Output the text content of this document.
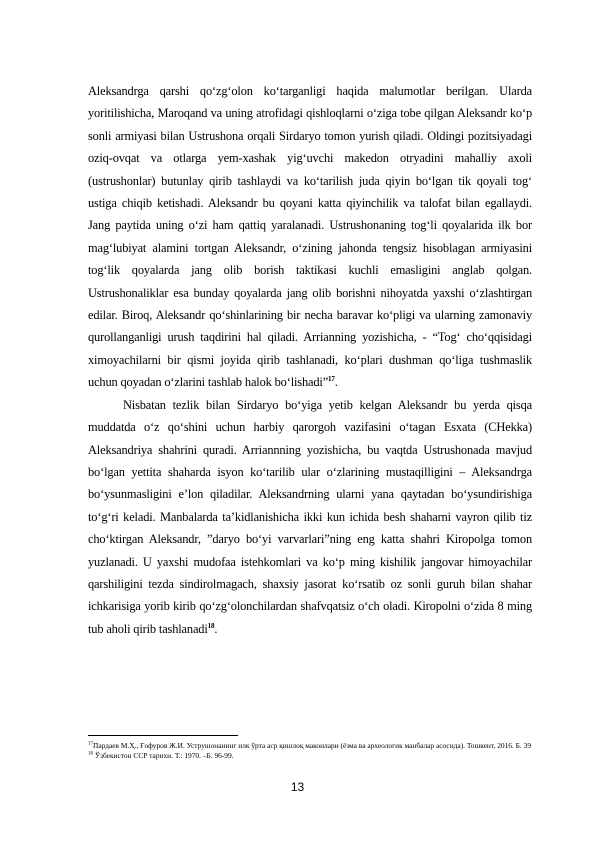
Aleksandrga qarshi qo‘zg‘olon ko‘targanligi haqida malumotlar berilgan. Ularda yoritilishicha, Maroqand va uning atrofidagi qishloqlarni o‘ziga tobe qilgan Aleksandr ko‘p sonli armiyasi bilan Ustrushona orqali Sirdaryo tomon yurish qiladi. Oldingi pozitsiyadagi oziq-ovqat va otlarga yem-xashak yig‘uvchi makedon otryadini mahalliy axoli (ustrushonlar) butunlay qirib tashlaydi va ko‘tarilish juda qiyin bo‘lgan tik qoyali tog‘ ustiga chiqib ketishadi. Aleksandr bu qoyani katta qiyinchilik va talofat bilan egallaydi. Jang paytida uning o‘zi ham qattiq yaralanadi. Ustrushonaning tog‘li qoyalarida ilk bor mag‘lubiyat alamini tortgan Aleksandr, o‘zining jahonda tengsiz hisoblagan armiyasini tog‘lik qoyalarda jang olib borish taktikasi kuchli emasligini anglab qolgan. Ustrushonaliklar esa bunday qoyalarda jang olib borishni nihoyatda yaxshi o‘zlashtirgan edilar. Biroq, Aleksandr qo‘shinlarining bir necha baravar ko‘pligi va ularning zamonaviy qurollanganligi urush taqdirini hal qiladi. Arrianning yozishicha, - “Tog‘ cho‘qqisidagi ximoyachilarni bir qismi joyida qirib tashlanadi, ko‘plari dushman qo‘liga tushmaslik uchun qoyadan o‘zlarini tashlab halok bo‘lishadi”$^{17}$.

Nisbatan tezlik bilan Sirdaryo bo‘yiga yetib kelgan Aleksandr bu yerda qisqa muddatda o‘z qo‘shini uchun harbiy qarorgoh vazifasini o‘tagan Esxata (CHekka) Aleksandriya shahrini quradi. Arriannning yozishicha, bu vaqtda Ustrushonada mavjud bo‘lgan yettita shaharda isyon ko‘tarilib ular o‘zlarining mustaqilligini – Aleksandrga bo‘ysunmasligini e’lon qiladilar. Aleksandrning ularni yana qaytadan bo‘ysundirishiga to‘g‘ri keladi. Manbalarda ta’kidlanishicha ikki kun ichida besh shaharni vayron qilib tiz cho‘ktirgan Aleksandr, ”daryo bo‘yi varvarlari”ning eng katta shahri Kiropolga tomon yuzlanadi. U yaxshi mudofaa istehkomlari va ko‘p ming kishilik jangovar himoyachilar qarshiligini tezda sindirolmagach, shaxsiy jasorat ko‘rsatib oz sonli guruh bilan shahar ichkarisiga yorib kirib qo‘zg‘olonchilardan shafvqatsiz o‘ch oladi. Kiropolni o‘zida 8 ming tub aholi qirib tashlanadi$^{18}$.

$^{17}$Пардаев М.Ҳ., Ғофуров Ж.И. Уструшонанинг илк ўрта аср қишлоқ маконлари (ёзма ва археологик манбалар асосида). Тошкент, 2016. Б. 39

$^{18}$ Ўзбекистон ССР тарихи. Т.: 1970. –Б. 96-99.

13
